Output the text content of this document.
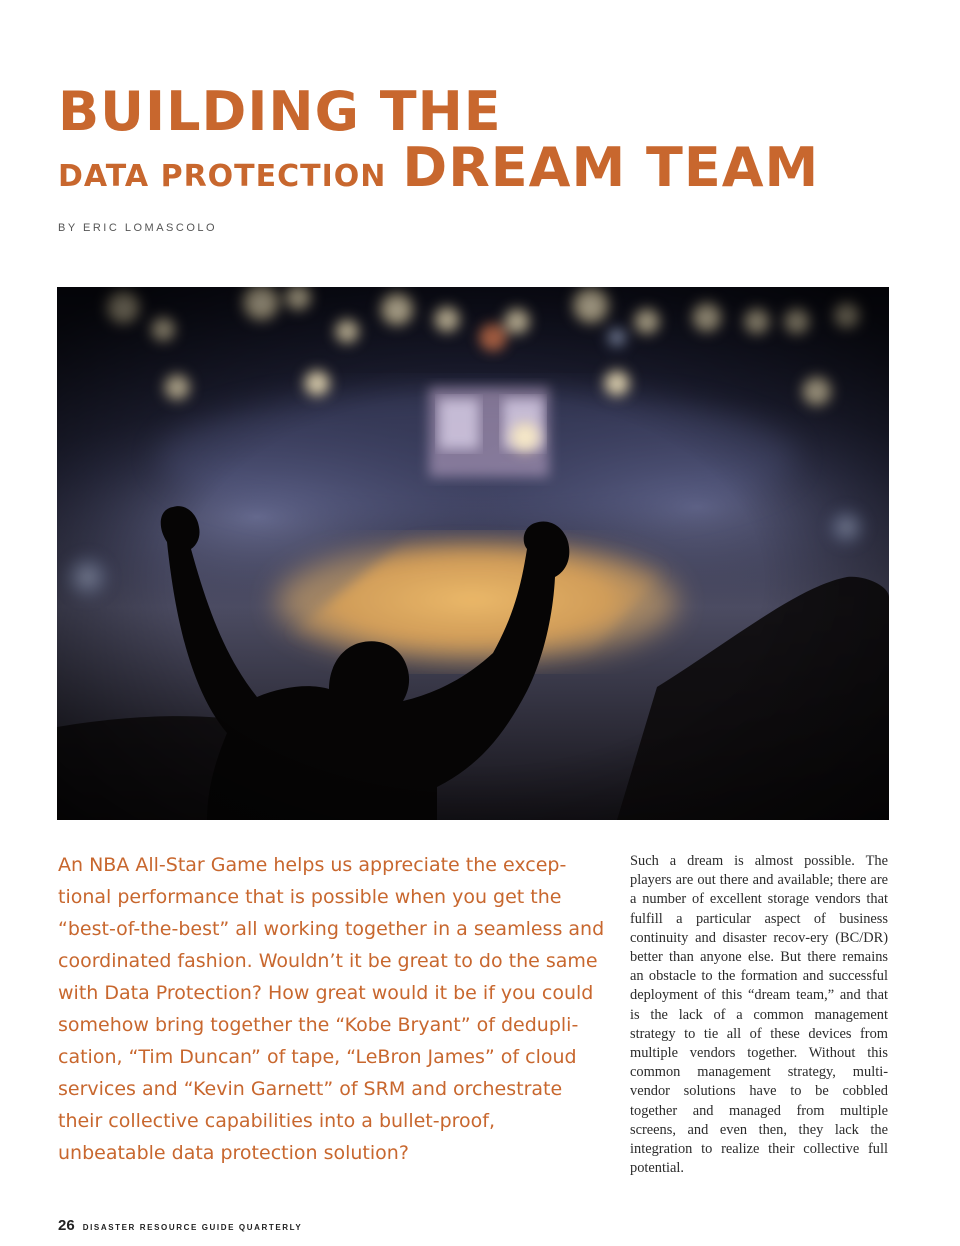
BUILDING THE
DATA PROTECTION DREAM TEAM
BY ERIC LOMASCOLO

An NBA All-Star Game helps us appreciate the excep-tional performance that is possible when you get the “best-of-the-best” all working together in a seamless and coordinated fashion. Wouldn’t it be great to do the same with Data Protection? How great would it be if you could somehow bring together the “Kobe Bryant” of dedupli-cation, “Tim Duncan” of tape, “LeBron James” of cloud services and “Kevin Garnett” of SRM and orchestrate their collective capabilities into a bullet-proof, unbeatable data protection solution?

Such a dream is almost possible. The players are out there and available; there are a number of excellent storage vendors that fulfill a particular aspect of business continuity and disaster recov-ery (BC/DR) better than anyone else. But there remains an obstacle to the formation and successful deployment of this “dream team,” and that is the lack of a common management strategy to tie all of these devices from multiple vendors together. Without this common management strategy, multi-vendor solutions have to be cobbled together and managed from multiple screens, and even then, they lack the integration to realize their collective full potential.

26 DISASTER RESOURCE GUIDE QUARTERLY
